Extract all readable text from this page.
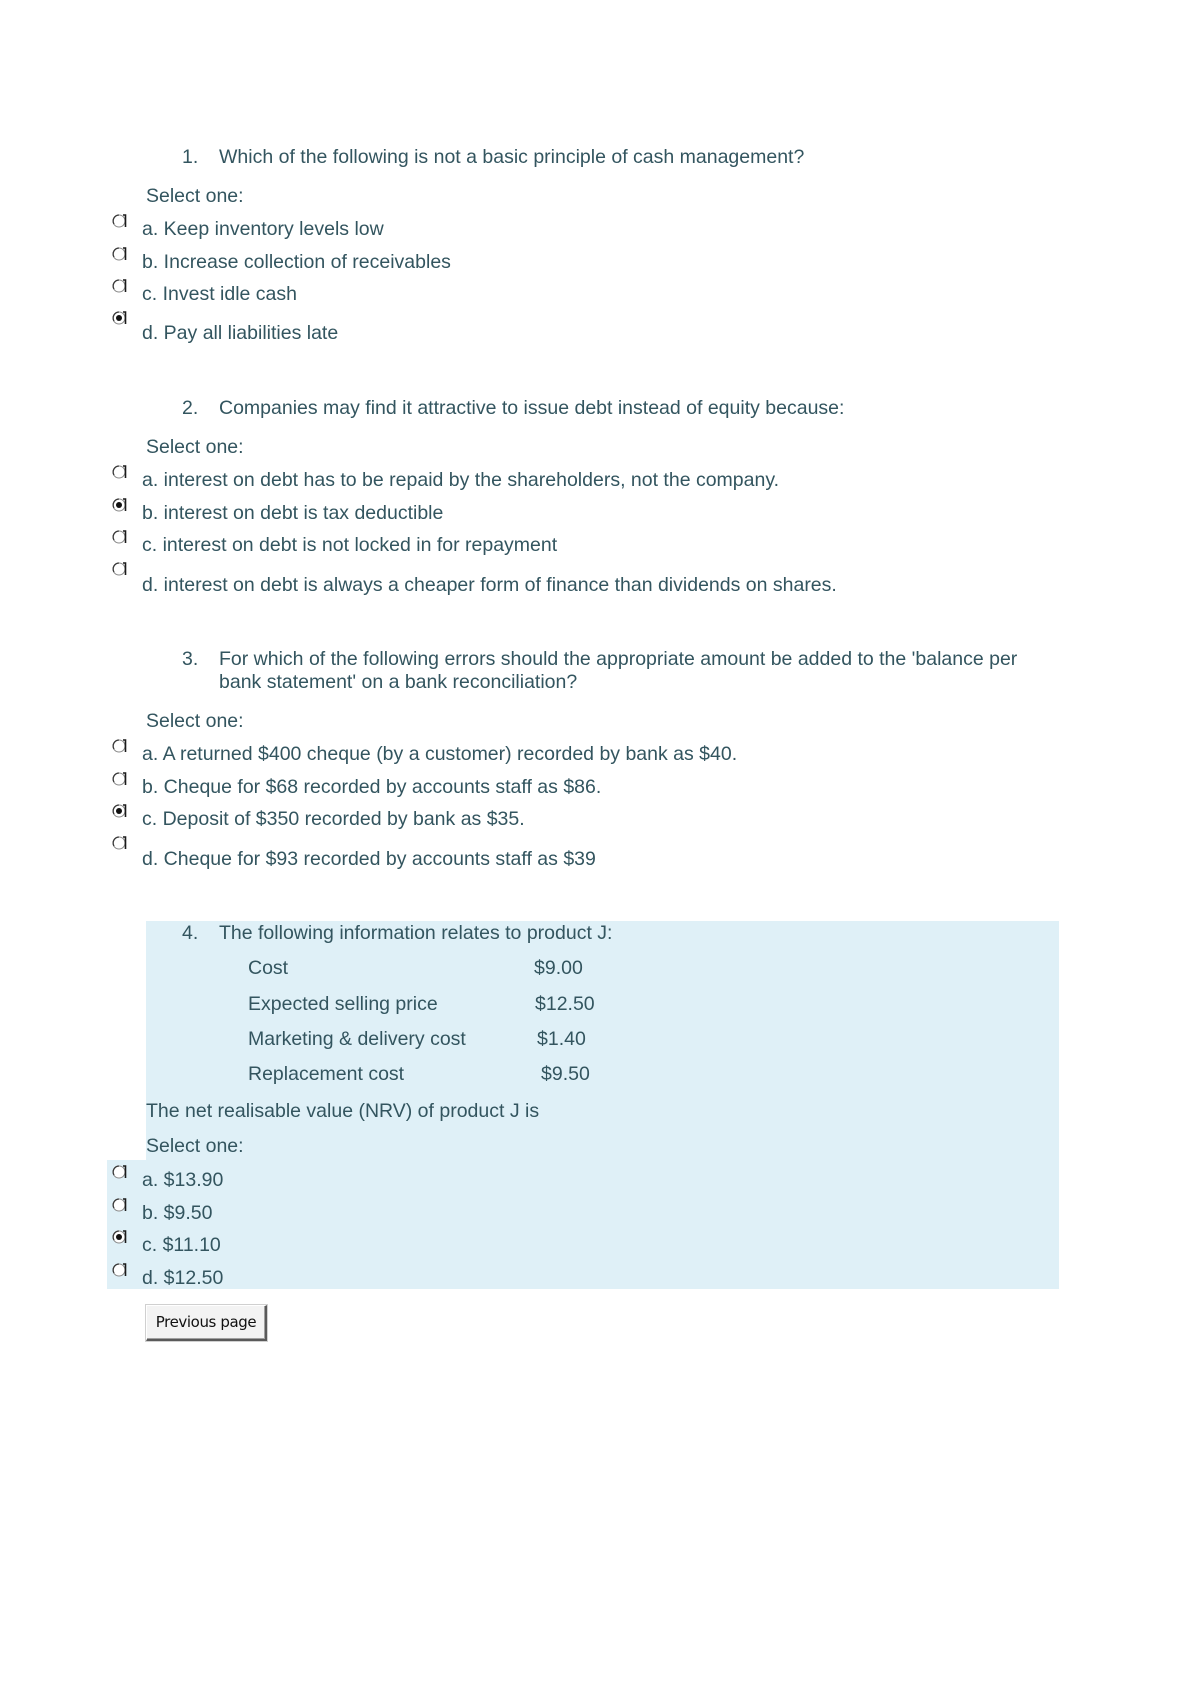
1. Which of the following is not a basic principle of cash management?
Select one:
a. Keep inventory levels low
b. Increase collection of receivables
c. Invest idle cash
d. Pay all liabilities late
2. Companies may find it attractive to issue debt instead of equity because:
Select one:
a. interest on debt has to be repaid by the shareholders, not the company.
b. interest on debt is tax deductible
c. interest on debt is not locked in for repayment
d. interest on debt is always a cheaper form of finance than dividends on shares.
3. For which of the following errors should the appropriate amount be added to the 'balance per
bank statement' on a bank reconciliation?
Select one:
a. A returned $400 cheque (by a customer) recorded by bank as $40.
b. Cheque for $68 recorded by accounts staff as $86.
c. Deposit of $350 recorded by bank as $35.
d. Cheque for $93 recorded by accounts staff as $39
4. The following information relates to product J:
Cost	$9.00
Expected selling price	$12.50
Marketing & delivery cost	$1.40
Replacement cost	$9.50
The net realisable value (NRV) of product J is
Select one:
a. $13.90
b. $9.50
c. $11.10
d. $12.50
Previous page
